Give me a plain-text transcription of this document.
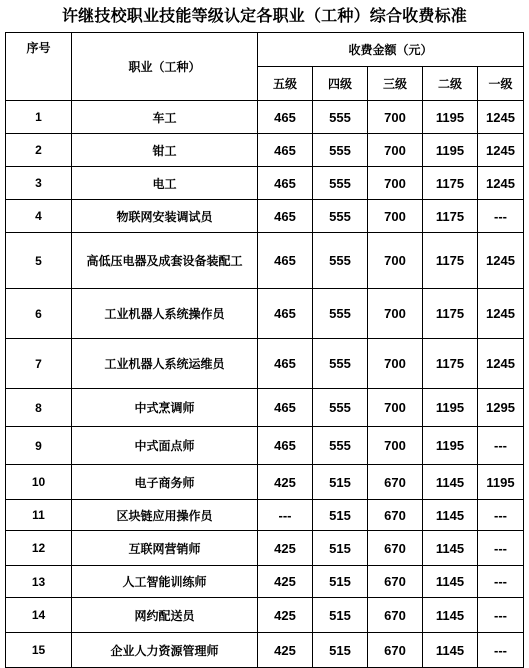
许继技校职业技能等级认定各职业（工种）综合收费标准
序号	职业（工种）	收费金额（元）				
		五级	四级	三级	二级	一级
1	车工	465	555	700	1195	1245
2	钳工	465	555	700	1195	1245
3	电工	465	555	700	1175	1245
4	物联网安装调试员	465	555	700	1175	---
5	高低压电器及成套设备装配工	465	555	700	1175	1245
6	工业机器人系统操作员	465	555	700	1175	1245
7	工业机器人系统运维员	465	555	700	1175	1245
8	中式烹调师	465	555	700	1195	1295
9	中式面点师	465	555	700	1195	---
10	电子商务师	425	515	670	1145	1195
11	区块链应用操作员	---	515	670	1145	---
12	互联网营销师	425	515	670	1145	---
13	人工智能训练师	425	515	670	1145	---
14	网约配送员	425	515	670	1145	---
15	企业人力资源管理师	425	515	670	1145	---
